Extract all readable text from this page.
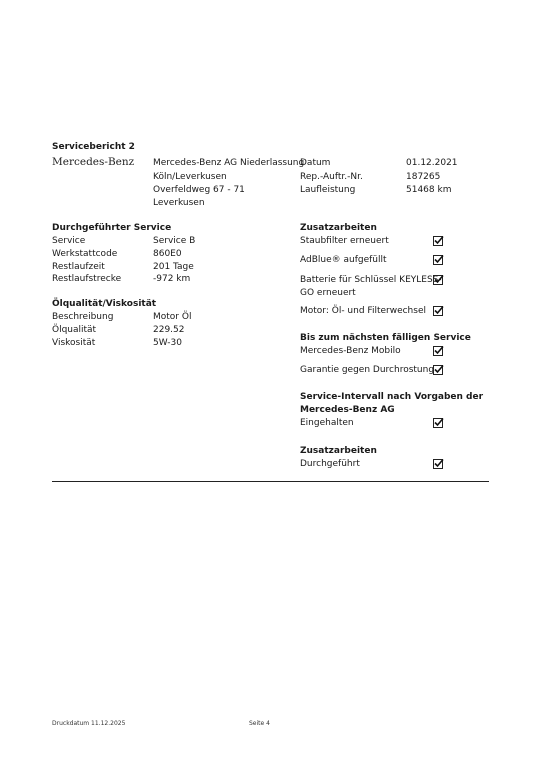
Servicebericht 2
Mercedes-Benz Mercedes-Benz AG Niederlassung
Köln/Leverkusen
Overfeldweg 67 - 71
Leverkusen
Datum	01.12.2021
Rep.-Auftr.-Nr.	187265
Laufleistung	51468 km
Durchgeführter Service
Service	Service B
Werkstattcode	860E0
Restlaufzeit	201 Tage
Restlaufstrecke	-972 km
Ölqualität/Viskosität
Beschreibung	Motor Öl
Ölqualität	229.52
Viskosität	5W-30
Zusatzarbeiten
Staubfilter erneuert
AdBlue® aufgefüllt
Batterie für Schlüssel KEYLESS-
GO erneuert
Motor: Öl- und Filterwechsel
Bis zum nächsten fälligen Service
Mercedes-Benz Mobilo
Garantie gegen Durchrostung
Service-Intervall nach Vorgaben der
Mercedes-Benz AG
Eingehalten
Zusatzarbeiten
Durchgeführt
Druckdatum 11.12.2025	Seite 4
